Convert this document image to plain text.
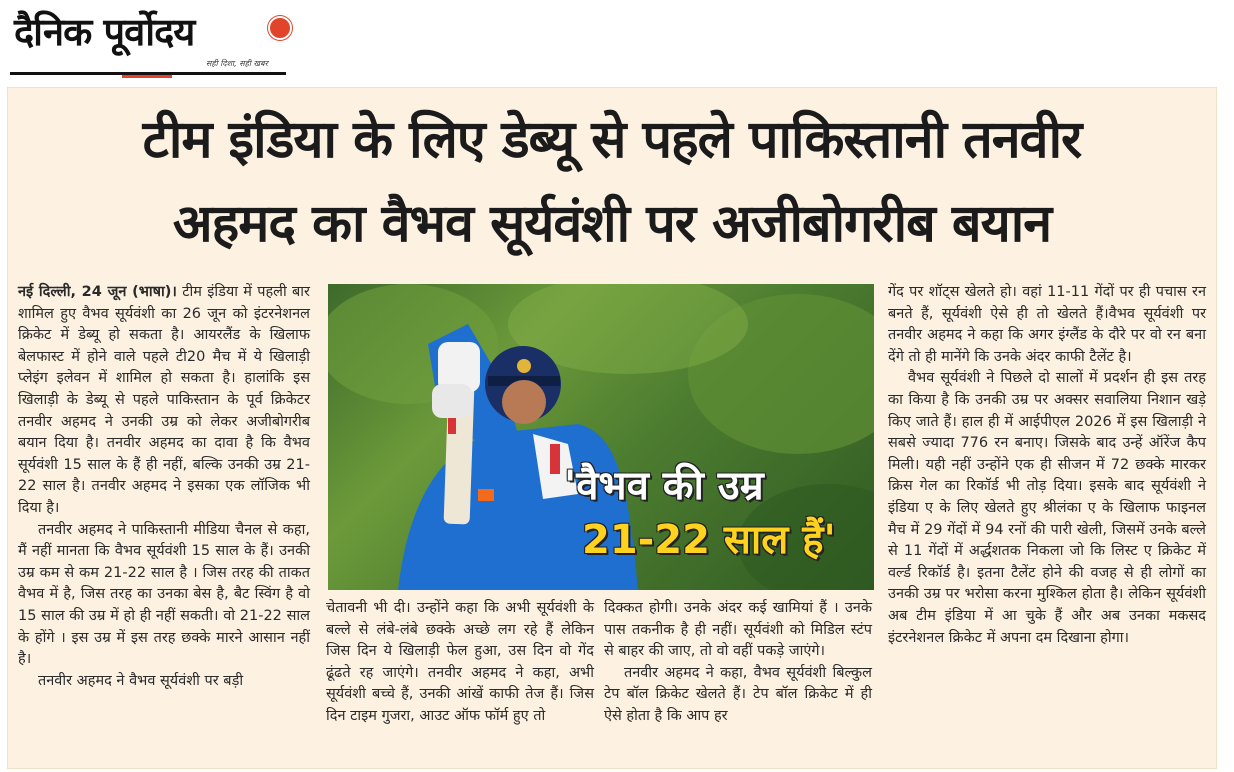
दैनिक पूर्वोदय
सही दिशा, सही खबर
टीम इंडिया के लिए डेब्यू से पहले पाकिस्तानी तनवीर
अहमद का वैभव सूर्यवंशी पर अजीबोगरीब बयान

नई दिल्ली, 24 जून (भाषा)। टीम इंडिया में पहली बार शामिल हुए वैभव सूर्यवंशी का 26 जून को इंटरनेशनल क्रिकेट में डेब्यू हो सकता है। आयरलैंड के खिलाफ बेलफास्ट में होने वाले पहले टी20 मैच में ये खिलाड़ी प्लेइंग इलेवन में शामिल हो सकता है। हालांकि इस खिलाड़ी के डेब्यू से पहले पाकिस्तान के पूर्व क्रिकेटर तनवीर अहमद ने उनकी उम्र को लेकर अजीबोगरीब बयान दिया है। तनवीर अहमद का दावा है कि वैभव सूर्यवंशी 15 साल के हैं ही नहीं, बल्कि उनकी उम्र 21-22 साल है। तनवीर अहमद ने इसका एक लॉजिक भी दिया है।

तनवीर अहमद ने पाकिस्तानी मीडिया चैनल से कहा, मैं नहीं मानता कि वैभव सूर्यवंशी 15 साल के हैं। उनकी उम्र कम से कम 21-22 साल है । जिस तरह की ताकत वैभव में है, जिस तरह का उनका बेस है, बैट स्विंग है वो 15 साल की उम्र में हो ही नहीं सकती। वो 21-22 साल के होंगे । इस उम्र में इस तरह छक्के मारने आसान नहीं है।

तनवीर अहमद ने वैभव सूर्यवंशी पर बड़ी

'वैभव की उम्र
21-22 साल हैं'

चेतावनी भी दी। उन्होंने कहा कि अभी सूर्यवंशी के बल्ले से लंबे-लंबे छक्के अच्छे लग रहे हैं लेकिन जिस दिन ये खिलाड़ी फेल हुआ, उस दिन वो गेंद ढूंढते रह जाएंगे। तनवीर अहमद ने कहा, अभी सूर्यवंशी बच्चे हैं, उनकी आंखें काफी तेज हैं। जिस दिन टाइम गुजरा, आउट ऑफ फॉर्म हुए तो

दिक्कत होगी। उनके अंदर कई खामियां हैं । उनके पास तकनीक है ही नहीं। सूर्यवंशी को मिडिल स्टंप से बाहर की जाए, तो वो वहीं पकड़े जाएंगे।

तनवीर अहमद ने कहा, वैभव सूर्यवंशी बिल्कुल टेप बॉल क्रिकेट खेलते हैं। टेप बॉल क्रिकेट में ही ऐसे होता है कि आप हर

गेंद पर शॉट्स खेलते हो। वहां 11-11 गेंदों पर ही पचास रन बनते हैं, सूर्यवंशी ऐसे ही तो खेलते हैं।वैभव सूर्यवंशी पर तनवीर अहमद ने कहा कि अगर इंग्लैंड के दौरे पर वो रन बना देंगे तो ही मानेंगे कि उनके अंदर काफी टैलेंट है।

वैभव सूर्यवंशी ने पिछले दो सालों में प्रदर्शन ही इस तरह का किया है कि उनकी उम्र पर अक्सर सवालिया निशान खड़े किए जाते हैं। हाल ही में आईपीएल 2026 में इस खिलाड़ी ने सबसे ज्यादा 776 रन बनाए। जिसके बाद उन्हें ऑरेंज कैप मिली। यही नहीं उन्होंने एक ही सीजन में 72 छक्के मारकर क्रिस गेल का रिकॉर्ड भी तोड़ दिया। इसके बाद सूर्यवंशी ने इंडिया ए के लिए खेलते हुए श्रीलंका ए के खिलाफ फाइनल मैच में 29 गेंदों में 94 रनों की पारी खेली, जिसमें उनके बल्ले से 11 गेंदों में अर्द्धशतक निकला जो कि लिस्ट ए क्रिकेट में वर्ल्ड रिकॉर्ड है। इतना टैलेंट होने की वजह से ही लोगों का उनकी उम्र पर भरोसा करना मुश्किल होता है। लेकिन सूर्यवंशी अब टीम इंडिया में आ चुके हैं और अब उनका मकसद इंटरनेशनल क्रिकेट में अपना दम दिखाना होगा।
